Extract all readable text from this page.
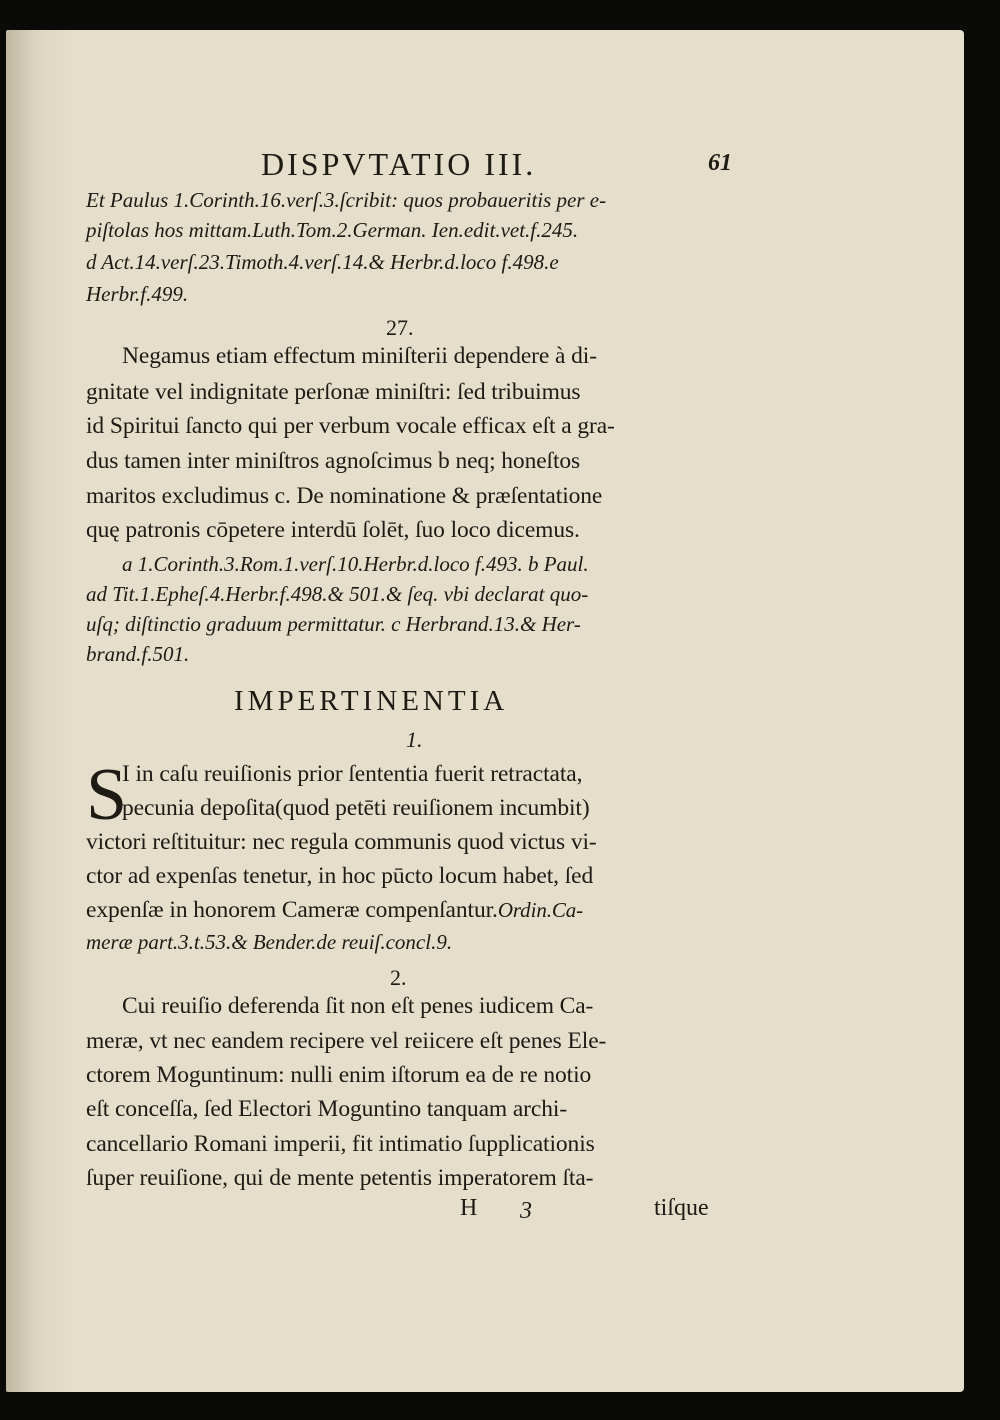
DISPVTATIO III.	61
Et Paulus 1.Corinth.16.verſ.3.ſcribit: quos probaueritis per e-
piſtolas hos mittam.Luth.Tom.2.German. Ien.edit.vet.f.245.
d Act.14.verſ.23.Timoth.4.verſ.14.& Herbr.d.loco f.498.e
Herbr.f.499.
27.
Negamus etiam effectum miniſterii dependere à di-
gnitate vel indignitate perſonæ miniſtri: ſed tribuimus
id Spiritui ſancto qui per verbum vocale efficax eſt a gra-
dus tamen inter miniſtros agnoſcimus b neq; honeſtos
maritos excludimus c. De nominatione & præſentatione
quę patronis cōpetere interdū ſolēt, ſuo loco dicemus.
a 1.Corinth.3.Rom.1.verſ.10.Herbr.d.loco f.493. b Paul.
ad Tit.1.Epheſ.4.Herbr.f.498.& 501.& ſeq. vbi declarat quo-
uſq; diſtinctio graduum permittatur. c Herbrand.13.& Her-
brand.f.501.
IMPERTINENTIA
1.
S
I in caſu reuiſionis prior ſententia fuerit retractata,
pecunia depoſita(quod petēti reuiſionem incumbit)
victori reſtituitur: nec regula communis quod victus vi-
ctor ad expenſas tenetur, in hoc pūcto locum habet, ſed
expenſæ in honorem Cameræ compenſantur.Ordin.Ca-
meræ part.3.t.53.& Bender.de reuiſ.concl.9.
2.
Cui reuiſio deferenda ſit non eſt penes iudicem Ca-
meræ, vt nec eandem recipere vel reiicere eſt penes Ele-
ctorem Moguntinum: nulli enim iſtorum ea de re notio
eſt conceſſa, ſed Electori Moguntino tanquam archi-
cancellario Romani imperii, fit intimatio ſupplicationis
ſuper reuiſione, qui de mente petentis imperatorem ſta-
H 3	tiſque
